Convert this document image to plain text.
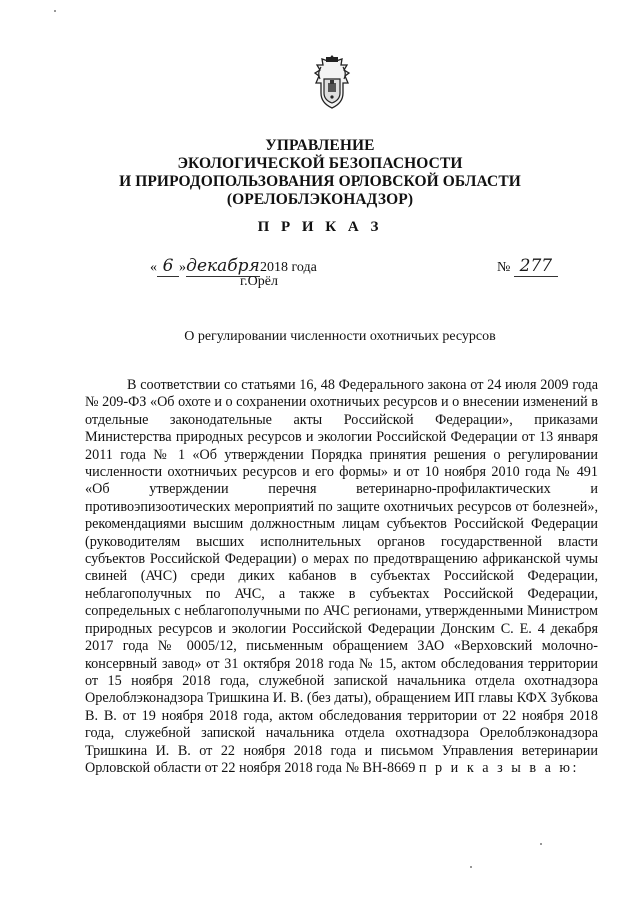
УПРАВЛЕНИЕ
ЭКОЛОГИЧЕСКОЙ БЕЗОПАСНОСТИ
И ПРИРОДОПОЛЬЗОВАНИЯ ОРЛОВСКОЙ ОБЛАСТИ
(ОРЕЛОБЛЭКОНАДЗОР)
П Р И К А З
« 6 »декабря2018 года
г.Орёл
№ 277
О регулировании численности охотничьих ресурсов

В соответствии со статьями 16, 48 Федерального закона от 24 июля 2009 года № 209-ФЗ «Об охоте и о сохранении охотничьих ресурсов и о внесении изменений в отдельные законодательные акты Российской Федерации», приказами Министерства природных ресурсов и экологии Российской Федерации от 13 января 2011 года № 1 «Об утверждении Порядка принятия решения о регулировании численности охотничьих ресурсов и его формы» и от 10 ноября 2010 года № 491 «Об утверждении перечня ветеринарно-профилактических и противоэпизоотических мероприятий по защите охотничьих ресурсов от болезней», рекомендациями высшим должностным лицам субъектов Российской Федерации (руководителям высших исполнительных органов государственной власти субъектов Российской Федерации) о мерах по предотвращению африканской чумы свиней (АЧС) среди диких кабанов в субъектах Российской Федерации, неблагополучных по АЧС, а также в субъектах Российской Федерации, сопредельных с неблагополучными по АЧС регионами, утвержденными Министром природных ресурсов и экологии Российской Федерации Донским С. Е. 4 декабря 2017 года № 0005/12, письменным обращением ЗАО «Верховский молочно-консервный завод» от 31 октября 2018 года № 15, актом обследования территории от 15 ноября 2018 года, служебной запиской начальника отдела охотнадзора Орелоблэконадзора Тришкина И. В. (без даты), обращением ИП главы КФХ Зубкова В. В. от 19 ноября 2018 года, актом обследования территории от 22 ноября 2018 года, служебной запиской начальника отдела охотнадзора Орелоблэконадзора Тришкина И. В. от 22 ноября 2018 года и письмом Управления ветеринарии Орловской области от 22 ноября 2018 года № ВН-8669 п р и к а з ы в а ю:
